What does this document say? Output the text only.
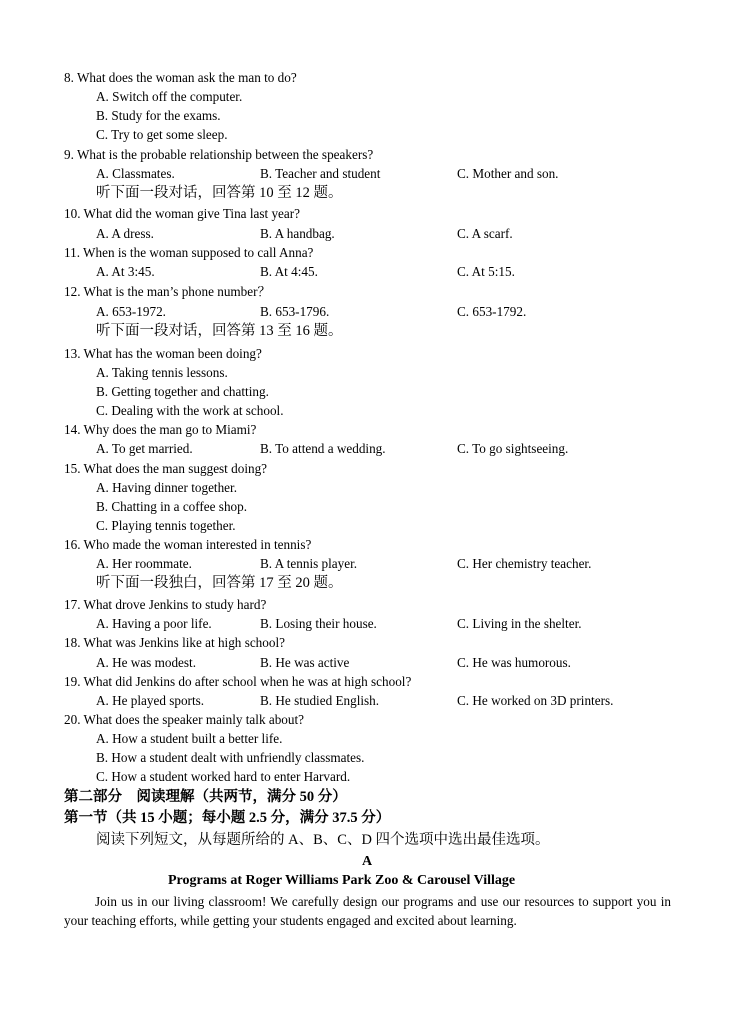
8. What does the woman ask the man to do?
A. Switch off the computer.
B. Study for the exams.
C. Try to get some sleep.
9. What is the probable relationship between the speakers?
A. Classmates.	B. Teacher and student	C. Mother and son.
听下面一段对话，回答第 10 至 12 题。
10. What did the woman give Tina last year?
A. A dress.	B. A handbag.	C. A scarf.
11. When is the woman supposed to call Anna?
A. At 3:45.	B. At 4:45.	C. At 5:15.
12. What is the man’s phone number？
A. 653-1972.	B. 653-1796.	C. 653-1792.
听下面一段对话，回答第 13 至 16 题。
13. What has the woman been doing?
A. Taking tennis lessons.
B. Getting together and chatting.
C. Dealing with the work at school.
14. Why does the man go to Miami?
A. To get married.	B. To attend a wedding.	C. To go sightseeing.
15. What does the man suggest doing?
A. Having dinner together.
B. Chatting in a coffee shop.
C. Playing tennis together.
16. Who made the woman interested in tennis?
A. Her roommate.	B. A tennis player.	C. Her chemistry teacher.
听下面一段独白，回答第 17 至 20 题。
17. What drove Jenkins to study hard?
A. Having a poor life.	B. Losing their house.	C. Living in the shelter.
18. What was Jenkins like at high school?
A. He was modest.	B. He was active	C. He was humorous.
19. What did Jenkins do after school when he was at high school?
A. He played sports.	B. He studied English.	C. He worked on 3D printers.
20. What does the speaker mainly talk about?
A. How a student built a better life.
B. How a student dealt with unfriendly classmates.
C. How a student worked hard to enter Harvard.
第二部分　阅读理解（共两节，满分 50 分）
第一节（共 15 小题；每小题 2.5 分，满分 37.5 分）
阅读下列短文，从每题所给的 A、B、C、D 四个选项中选出最佳选项。
A
Programs at Roger Williams Park Zoo & Carousel Village
Join us in our living classroom! We carefully design our programs and use our resources to support you in your teaching efforts, while getting your students engaged and excited about learning.
